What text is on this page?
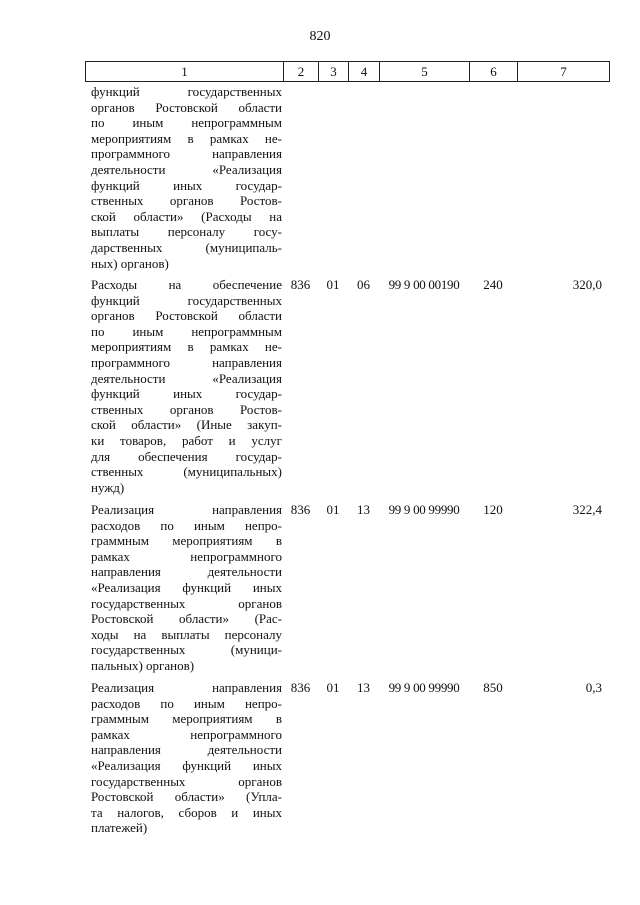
820
1	2	3	4	5	6	7
функций государственных
органов Ростовской области
по иным непрограммным
мероприятиям в рамках не-
программного направления
деятельности «Реализация
функций иных государ-
ственных органов Ростов-
ской области» (Расходы на
выплаты персоналу госу-
дарственных (муниципаль-
ных) органов)
Расходы на обеспечение
функций государственных
органов Ростовской области
по иным непрограммным
мероприятиям в рамках не-
программного направления
деятельности «Реализация
функций иных государ-
ственных органов Ростов-
ской области» (Иные закуп-
ки товаров, работ и услуг
для обеспечения государ-
ственных (муниципальных)
нужд)
836	01	06	99 9 00 00190	240	320,0
Реализация направления
расходов по иным непро-
граммным мероприятиям в
рамках непрограммного
направления деятельности
«Реализация функций иных
государственных органов
Ростовской области» (Рас-
ходы на выплаты персоналу
государственных (муници-
пальных) органов)
836	01	13	99 9 00 99990	120	322,4
Реализация направления
расходов по иным непро-
граммным мероприятиям в
рамках непрограммного
направления деятельности
«Реализация функций иных
государственных органов
Ростовской области» (Упла-
та налогов, сборов и иных
платежей)
836	01	13	99 9 00 99990	850	0,3
